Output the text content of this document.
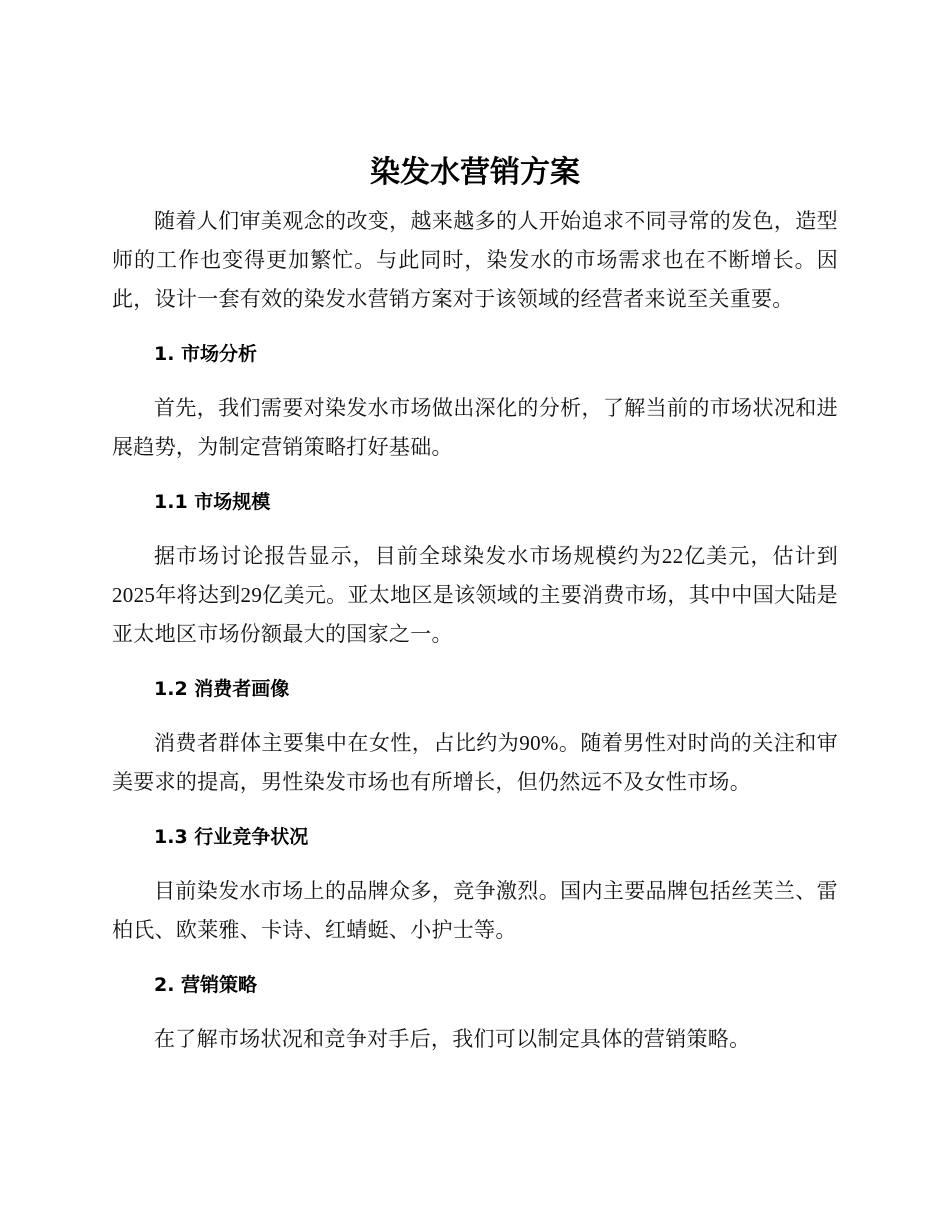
染发水营销方案

随着人们审美观念的改变，越来越多的人开始追求不同寻常的发色，造型师的工作也变得更加繁忙。与此同时，染发水的市场需求也在不断增长。因此，设计一套有效的染发水营销方案对于该领域的经营者来说至关重要。

1. 市场分析

首先，我们需要对染发水市场做出深化的分析，了解当前的市场状况和进展趋势，为制定营销策略打好基础。

1.1 市场规模

据市场讨论报告显示，目前全球染发水市场规模约为22亿美元，估计到2025年将达到29亿美元。亚太地区是该领域的主要消费市场，其中中国大陆是亚太地区市场份额最大的国家之一。

1.2 消费者画像

消费者群体主要集中在女性，占比约为90%。随着男性对时尚的关注和审美要求的提高，男性染发市场也有所增长，但仍然远不及女性市场。

1.3 行业竞争状况

目前染发水市场上的品牌众多，竞争激烈。国内主要品牌包括丝芙兰、雷柏氏、欧莱雅、卡诗、红蜻蜓、小护士等。

2. 营销策略

在了解市场状况和竞争对手后，我们可以制定具体的营销策略。
